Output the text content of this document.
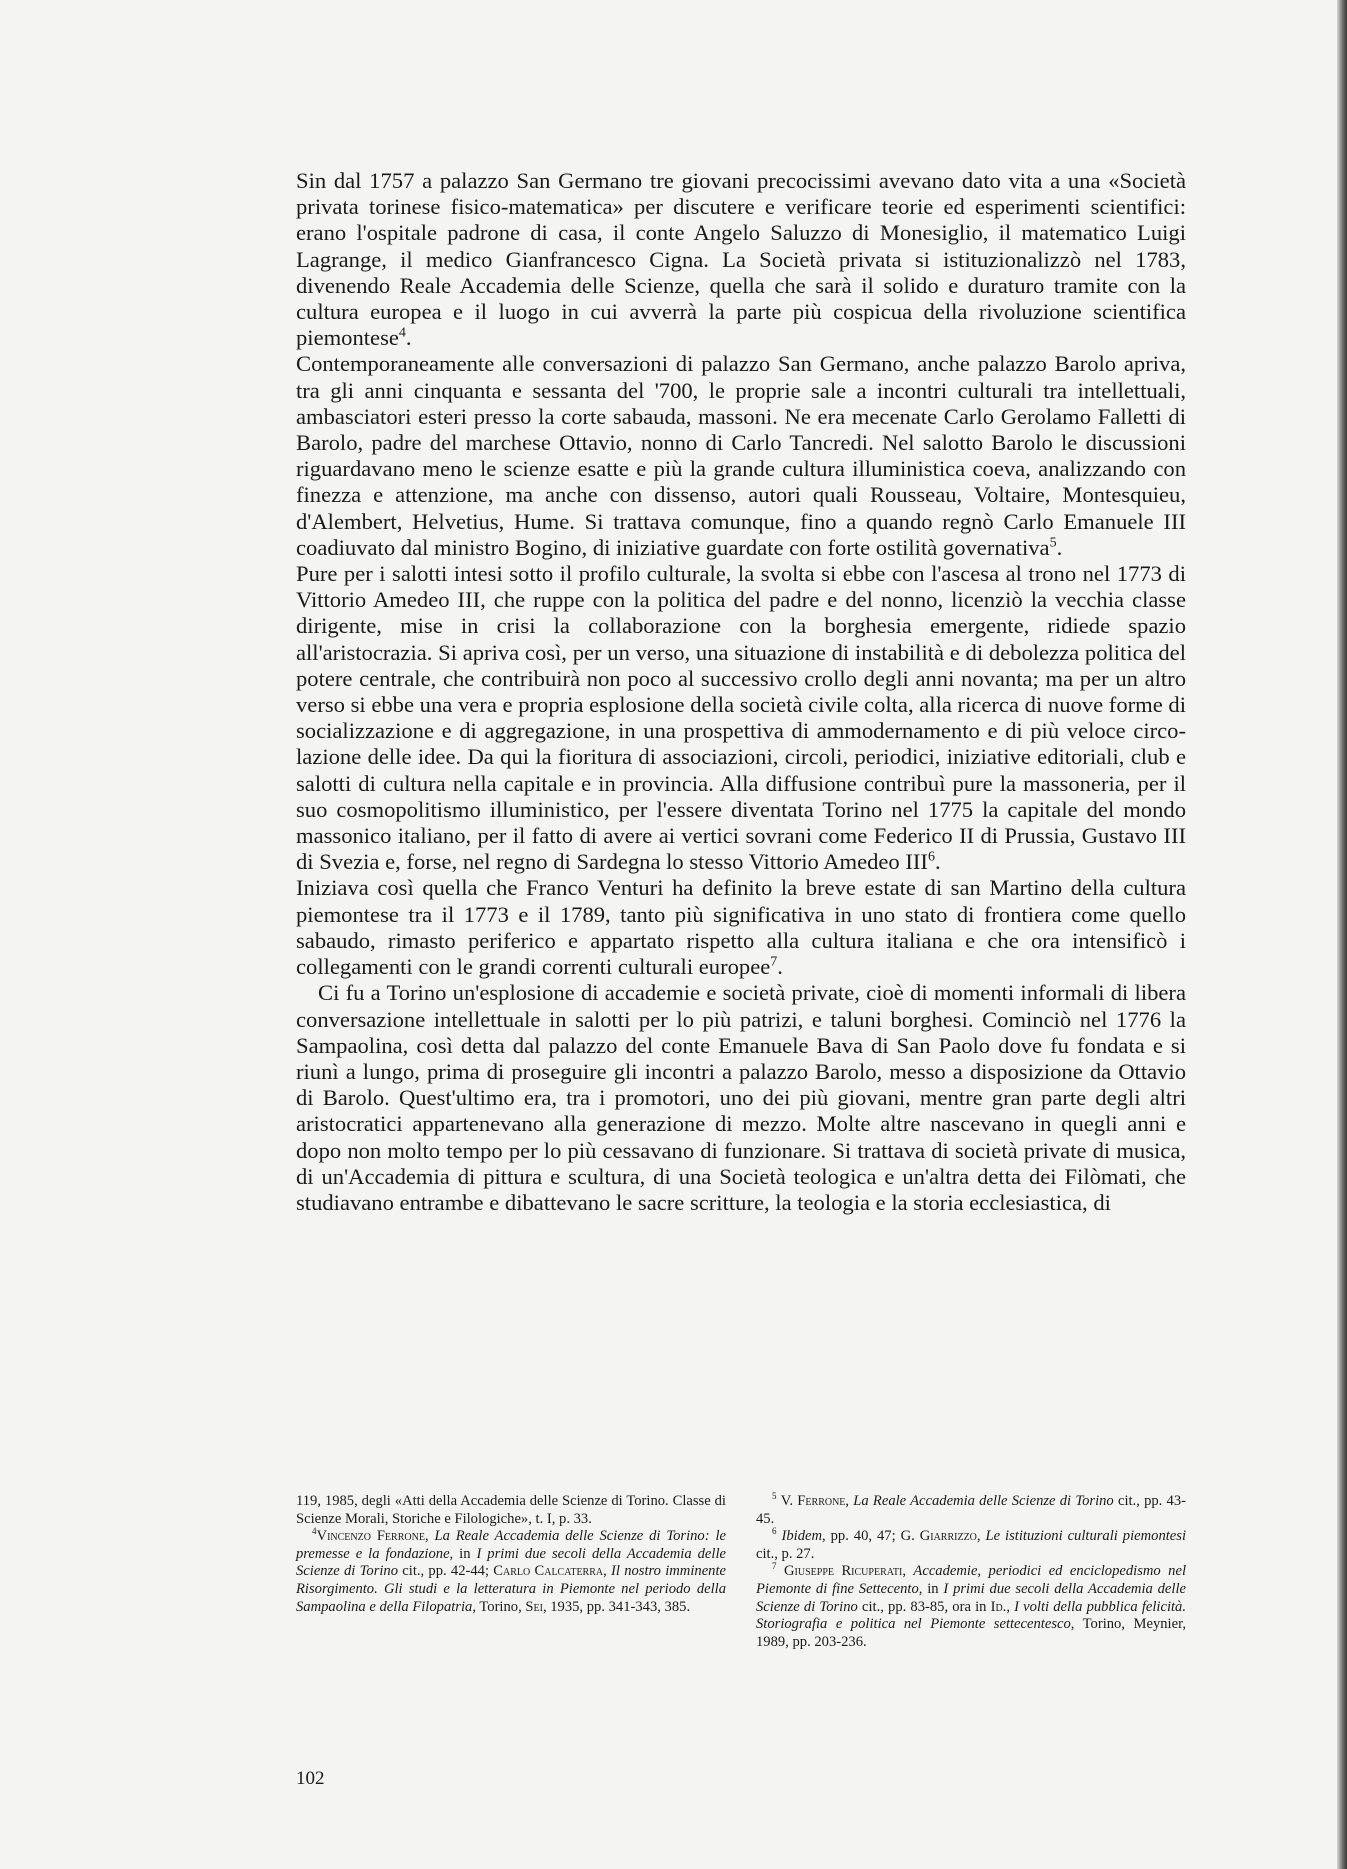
Sin dal 1757 a palazzo San Germano tre giovani precocissimi avevano dato vita a una «Società privata torinese fisico-matematica» per discutere e verificare teorie ed esperimenti scientifici: erano l'ospitale padrone di casa, il conte Angelo Saluzzo di Monesiglio, il matematico Luigi Lagrange, il medico Gianfrancesco Cigna. La Società privata si istituzionalizzò nel 1783, divenendo Reale Accademia delle Scienze, quella che sarà il solido e duraturo tramite con la cultura europea e il luogo in cui avverrà la parte più cospicua della rivoluzione scientifica piemontese$^4$.

Contemporaneamente alle conversazioni di palazzo San Germano, anche palazzo Barolo apriva, tra gli anni cinquanta e sessanta del '700, le proprie sale a incontri culturali tra intellettuali, ambasciatori esteri presso la corte sabauda, massoni. Ne era mecenate Carlo Gerolamo Falletti di Barolo, padre del marchese Ottavio, nonno di Carlo Tancredi. Nel salotto Barolo le discussioni riguardavano meno le scienze esatte e più la grande cultura illuministica coeva, analizzando con finezza e attenzione, ma anche con dissenso, autori quali Rousseau, Voltaire, Montesquieu, d'Alembert, Helvetius, Hume. Si trattava comunque, fino a quando regnò Carlo Emanuele III coadiuvato dal ministro Bogino, di iniziative guardate con forte ostilità governativa$^5$.

Pure per i salotti intesi sotto il profilo culturale, la svolta si ebbe con l'ascesa al trono nel 1773 di Vittorio Amedeo III, che ruppe con la politica del padre e del nonno, licenziò la vecchia classe dirigente, mise in crisi la collaborazione con la borghesia emergente, ridiede spazio all'aristocrazia. Si apriva così, per un verso, una situazione di instabilità e di debolezza politica del potere centrale, che contribuirà non poco al successivo crollo degli anni novanta; ma per un altro verso si ebbe una vera e propria esplosione della società civile colta, alla ricerca di nuove forme di socializzazione e di aggregazione, in una prospettiva di ammodernamento e di più veloce circolazione delle idee. Da qui la fioritura di associazioni, circoli, periodici, iniziative editoriali, club e salotti di cultura nella capitale e in provincia. Alla diffusione contribuì pure la massoneria, per il suo cosmopolitismo illuministico, per l'essere diventata Torino nel 1775 la capitale del mondo massonico italiano, per il fatto di avere ai vertici sovrani come Federico II di Prussia, Gustavo III di Svezia e, forse, nel regno di Sardegna lo stesso Vittorio Amedeo III$^6$.

Iniziava così quella che Franco Venturi ha definito la breve estate di san Martino della cultura piemontese tra il 1773 e il 1789, tanto più significativa in uno stato di frontiera come quello sabaudo, rimasto periferico e appartato rispetto alla cultura italiana e che ora intensificò i collegamenti con le grandi correnti culturali europee$^7$.

Ci fu a Torino un'esplosione di accademie e società private, cioè di momenti informali di libera conversazione intellettuale in salotti per lo più patrizi, e taluni borghesi. Cominciò nel 1776 la Sampaolina, così detta dal palazzo del conte Emanuele Bava di San Paolo dove fu fondata e si riunì a lungo, prima di proseguire gli incontri a palazzo Barolo, messo a disposizione da Ottavio di Barolo. Quest'ultimo era, tra i promotori, uno dei più giovani, mentre gran parte degli altri aristocratici appartenevano alla generazione di mezzo. Molte altre nascevano in quegli anni e dopo non molto tempo per lo più cessavano di funzionare. Si trattava di società private di musica, di un'Accademia di pittura e scultura, di una Società teologica e un'altra detta dei Filòmati, che studiavano entrambe e dibattevano le sacre scritture, la teologia e la storia ecclesiastica, di

119, 1985, degli «Atti della Accademia delle Scienze di Torino. Classe di Scienze Morali, Storiche e Filologiche», t. I, p. 33.

$^4$Vincenzo Ferrone, La Reale Accademia delle Scienze di Torino: le premesse e la fondazione, in I primi due secoli della Accademia delle Scienze di Torino cit., pp. 42-44; Carlo Calcaterra, Il nostro imminente Risorgimento. Gli studi e la letteratura in Piemonte nel periodo della Sampaolina e della Filopatria, Torino, Sei, 1935, pp. 341-343, 385.

$^5$ V. Ferrone, La Reale Accademia delle Scienze di Torino cit., pp. 43-45.

$^6$ Ibidem, pp. 40, 47; G. Giarrizzo, Le istituzioni culturali piemontesi cit., p. 27.

$^7$ Giuseppe Ricuperati, Accademie, periodici ed enciclopedismo nel Piemonte di fine Settecento, in I primi due secoli della Accademia delle Scienze di Torino cit., pp. 83-85, ora in Id., I volti della pubblica felicità. Storiografia e politica nel Piemonte settecentesco, Torino, Meynier, 1989, pp. 203-236.

102
